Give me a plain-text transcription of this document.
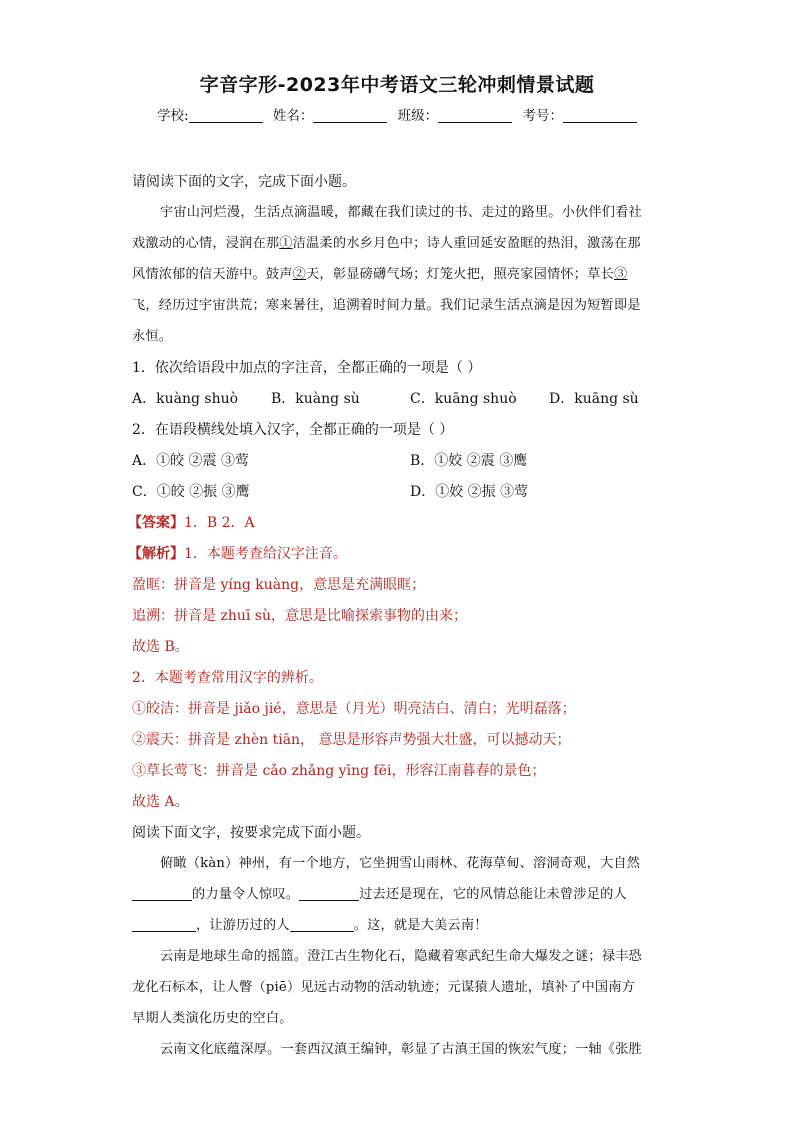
字音字形-2023年中考语文三轮冲刺情景试题
学校:	姓名：	班级：	考号：
请阅读下面的文字，完成下面小题。
宇宙山河烂漫，生活点滴温暖，都藏在我们读过的书、走过的路里。小伙伴们看社
戏激动的心情，浸润在那①洁温柔的水乡月色中；诗人重回延安盈眶的热泪，激荡在那
风情浓郁的信天游中。鼓声②天，彰显磅礴气场；灯笼火把，照亮家园情怀；草长③
飞，经历过宇宙洪荒；寒来暑往，追溯着时间力量。我们记录生活点滴是因为短暂即是
永恒。
1．依次给语段中加点的字注音，全都正确的一项是（ ）
A．kuàng shuò B．kuàng sù	C．kuāng shuò D．kuāng sù
2．在语段横线处填入汉字，全都正确的一项是（ ）
A．①皎 ②震 ③莺	B．①姣 ②震 ③鹰
C．①皎 ②振 ③鹰	D．①姣 ②振 ③莺
【答案】1．B 2．A
【解析】1．本题考查给汉字注音。
盈眶：拼音是 yíng kuàng，意思是充满眼眶；
追溯：拼音是 zhuī sù，意思是比喻探索事物的由来；
故选 B。
2．本题考查常用汉字的辨析。
①皎洁：拼音是 jiǎo jié，意思是（月光）明亮洁白、清白；光明磊落；
②震天：拼音是 zhèn tiān， 意思是形容声势强大壮盛，可以撼动天；
③草长莺飞：拼音是 cǎo zhǎng yīng fēi，形容江南暮春的景色；
故选 A。
阅读下面文字，按要求完成下面小题。
俯瞰（kàn）神州，有一个地方，它坐拥雪山雨林、花海草甸、溶洞奇观，大自然
的力量令人惊叹。	过去还是现在，它的风情总能让未曾涉足的人
，让游历过的人	。这，就是大美云南！
云南是地球生命的摇篮。澄江古生物化石，隐藏着寒武纪生命大爆发之谜；禄丰恐
龙化石标本，让人瞥（piē）见远古动物的活动轨迹；元谋猿人遗址，填补了中国南方
早期人类演化历史的空白。
云南文化底蕴深厚。一套西汉滇王编钟，彰显了古滇王国的恢宏气度；一轴《张胜
